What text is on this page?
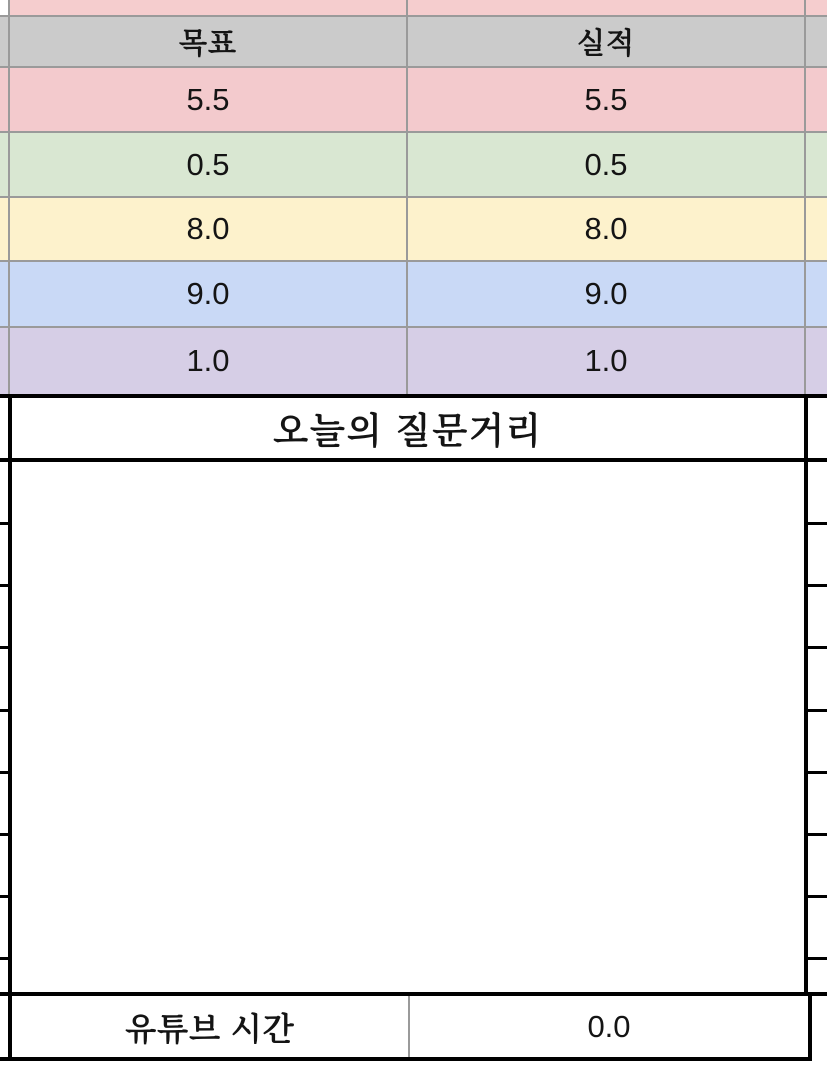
목표	실적
5.5	5.5
0.5	0.5
8.0	8.0
9.0	9.0
1.0	1.0
오늘의 질문거리
유튜브 시간	0.0
